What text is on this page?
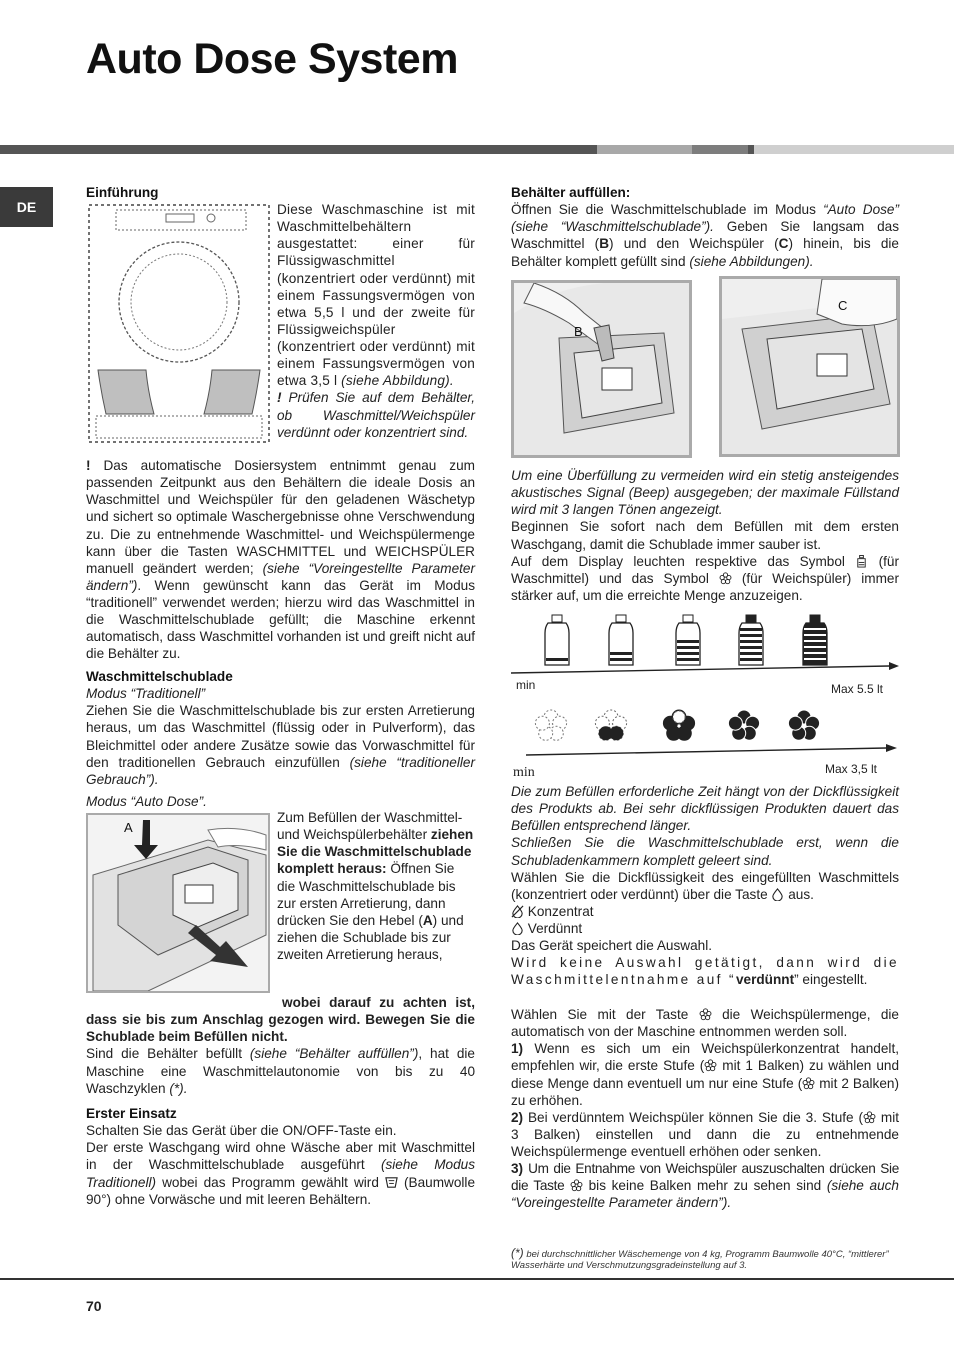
Auto Dose System
DE
Einführung

Diese Waschmaschine ist mit Waschmittelbehältern ausgestattet: einer für Flüssigwaschmittel (konzentriert oder verdünnt) mit einem Fassungsvermögen von etwa 5,5 l und der zweite für Flüssigweichspüler (konzentriert oder verdünnt) mit einem Fassungsvermögen von etwa 3,5 l (siehe Abbildung).

! Prüfen Sie auf dem Behälter, ob Waschmittel/Weichspüler verdünnt oder konzentriert sind.

! Das automatische Dosiersystem entnimmt genau zum passenden Zeitpunkt aus den Behältern die ideale Dosis an Waschmittel und Weichspüler für den geladenen Wäschetyp und sichert so optimale Waschergebnisse ohne Verschwendung zu. Die zu entnehmende Waschmittel- und Weichspülermenge kann über die Tasten WASCHMITTEL und WEICHSPÜLER manuell geändert werden; (siehe “Voreingestellte Parameter ändern”). Wenn gewünscht kann das Gerät im Modus “traditionell” verwendet werden; hierzu wird das Waschmittel in die Waschmittelschublade gefüllt; die Maschine erkennt automatisch, dass Waschmittel vorhanden ist und greift nicht auf die Behälter zu.

Waschmittelschublade
Modus “Traditionell”

Ziehen Sie die Waschmittelschublade bis zur ersten Arretierung heraus, um das Waschmittel (flüssig oder in Pulverform), das Bleichmittel oder andere Zusätze sowie das Vorwaschmittel für den traditionellen Gebrauch einzufüllen (siehe “traditioneller Gebrauch”).

Modus “Auto Dose”.
A

Zum Befüllen der Waschmittel- und Weichspülerbehälter ziehen Sie die Waschmittelschublade komplett heraus: Öffnen Sie die Waschmittelschublade bis zur ersten Arretierung, dann drücken Sie den Hebel (A) und ziehen die Schublade bis zur zweiten Arretierung heraus,

wobei darauf zu achten ist, dass sie bis zum Anschlag gezogen wird. Bewegen Sie die Schublade beim Befüllen nicht.

Sind die Behälter befüllt (siehe “Behälter auffüllen”), hat die Maschine eine Waschmittelautonomie von bis zu 40 Waschzyklen (*).

Erster Einsatz

Schalten Sie das Gerät über die ON/OFF-Taste ein.

Der erste Waschgang wird ohne Wäsche aber mit Waschmittel in der Waschmittelschublade ausgeführt (siehe Modus Traditionell) wobei das Programm gewählt wird (Baumwolle 90°) ohne Vorwäsche und mit leeren Behältern.

Behälter auffüllen:

Öffnen Sie die Waschmittelschublade im Modus “Auto Dose” (siehe “Waschmittelschublade”). Geben Sie langsam das Waschmittel (B) und den Weichspüler (C) hinein, bis die Behälter komplett gefüllt sind (siehe Abbildungen).

B
C

Um eine Überfüllung zu vermeiden wird ein stetig ansteigendes akustisches Signal (Beep) ausgegeben; der maximale Füllstand wird mit 3 langen Tönen angezeigt.

Beginnen Sie sofort nach dem Befüllen mit dem ersten Waschgang, damit die Schublade immer sauber ist.

Auf dem Display leuchten respektive das Symbol (für Waschmittel) und das Symbol (für Weichspüler) immer stärker auf, um die erreichte Menge anzuzeigen.

min	Max 5.5 lt
min	Max 3,5 lt

Die zum Befüllen erforderliche Zeit hängt von der Dickflüssigkeit des Produkts ab. Bei sehr dickflüssigen Produkten dauert das Befüllen entsprechend länger.

Schließen Sie die Waschmittelschublade erst, wenn die Schubladenkammern komplett geleert sind.

Wählen Sie die Dickflüssigkeit des eingefüllten Waschmittels (konzentriert oder verdünnt) über die Taste aus.

Konzentrat

Verdünnt

Das Gerät speichert die Auswahl.

Wird keine Auswahl getätigt, dann wird die Waschmittelentnahme auf “verdünnt” eingestellt.

Wählen Sie mit der Taste die Weichspülermenge, die automatisch von der Maschine entnommen werden soll.

1) Wenn es sich um ein Weichspülerkonzentrat handelt, empfehlen wir, die erste Stufe ( mit 1 Balken) zu wählen und diese Menge dann eventuell um nur eine Stufe ( mit 2 Balken) zu erhöhen.

2) Bei verdünntem Weichspüler können Sie die 3. Stufe ( mit 3 Balken) einstellen und dann die zu entnehmende Weichspülermenge eventuell erhöhen oder senken.

3) Um die Entnahme von Weichspüler auszuschalten drücken Sie die Taste bis keine Balken mehr zu sehen sind (siehe auch “Voreingestellte Parameter ändern”).

(*) bei durchschnittlicher Wäschemenge von 4 kg, Programm Baumwolle 40°C, “mittlerer” Wasserhärte und Verschmutzungsgradeinstellung auf 3.
70
